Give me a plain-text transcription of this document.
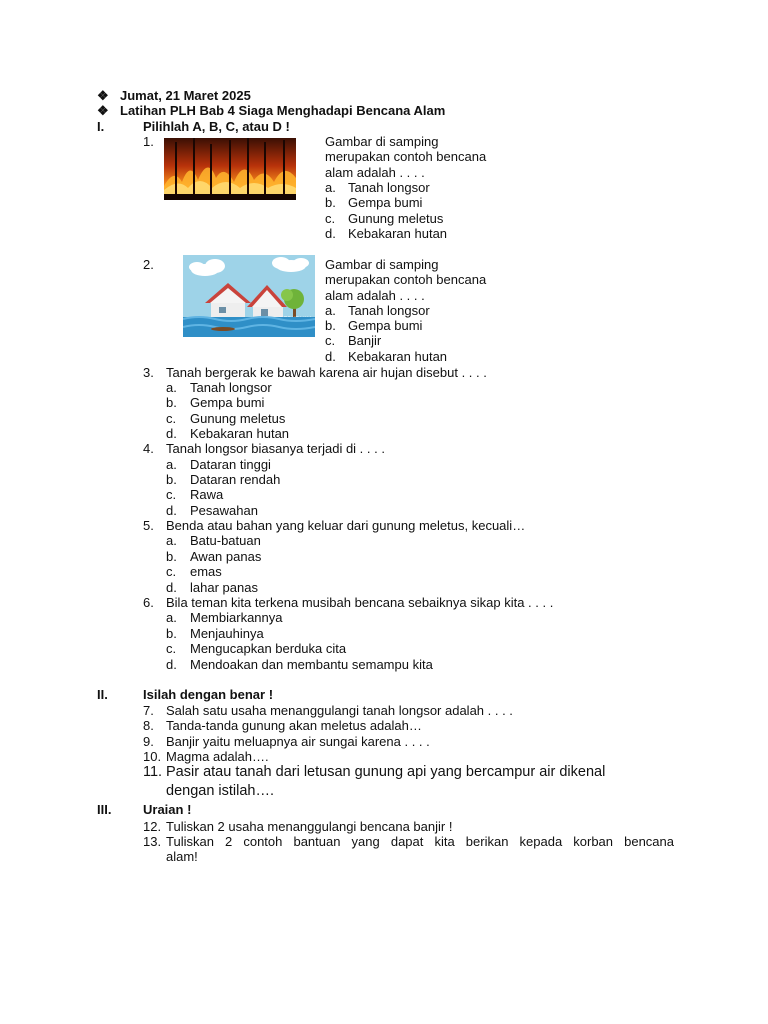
❖ Jumat, 21 Maret 2025
❖ Latihan PLH Bab 4 Siaga Menghadapi Bencana Alam
I.	Pilihlah A, B, C, atau D !
1.	Gambar di samping
merupakan contoh bencana
alam adalah . . . .
a. Tanah longsor
b. Gempa bumi
c. Gunung meletus
d. Kebakaran hutan
2.	Gambar di samping
merupakan contoh bencana
alam adalah . . . .
a. Tanah longsor
b. Gempa bumi
c. Banjir
d. Kebakaran hutan
3. Tanah bergerak ke bawah karena air hujan disebut . . . .
a. Tanah longsor
b. Gempa bumi
c. Gunung meletus
d. Kebakaran hutan
4. Tanah longsor biasanya terjadi di . . . .
a. Dataran tinggi
b. Dataran rendah
c. Rawa
d. Pesawahan
5. Benda atau bahan yang keluar dari gunung meletus, kecuali…
a. Batu-batuan
b. Awan panas
c. emas
d. lahar panas
6. Bila teman kita terkena musibah bencana sebaiknya sikap kita . . . .
a. Membiarkannya
b. Menjauhinya
c. Mengucapkan berduka cita
d. Mendoakan dan membantu semampu kita
II.	Isilah dengan benar !
7. Salah satu usaha menanggulangi tanah longsor adalah . . . .
8. Tanda-tanda gunung akan meletus adalah…
9. Banjir yaitu meluapnya air sungai karena . . . .
10. Magma adalah….
11. Pasir atau tanah dari letusan gunung api yang bercampur air dikenal
dengan istilah….
III. Uraian !
12. Tuliskan 2 usaha menanggulangi bencana banjir !
13. Tuliskan 2 contoh bantuan yang dapat kita berikan kepada korban bencana
alam!
